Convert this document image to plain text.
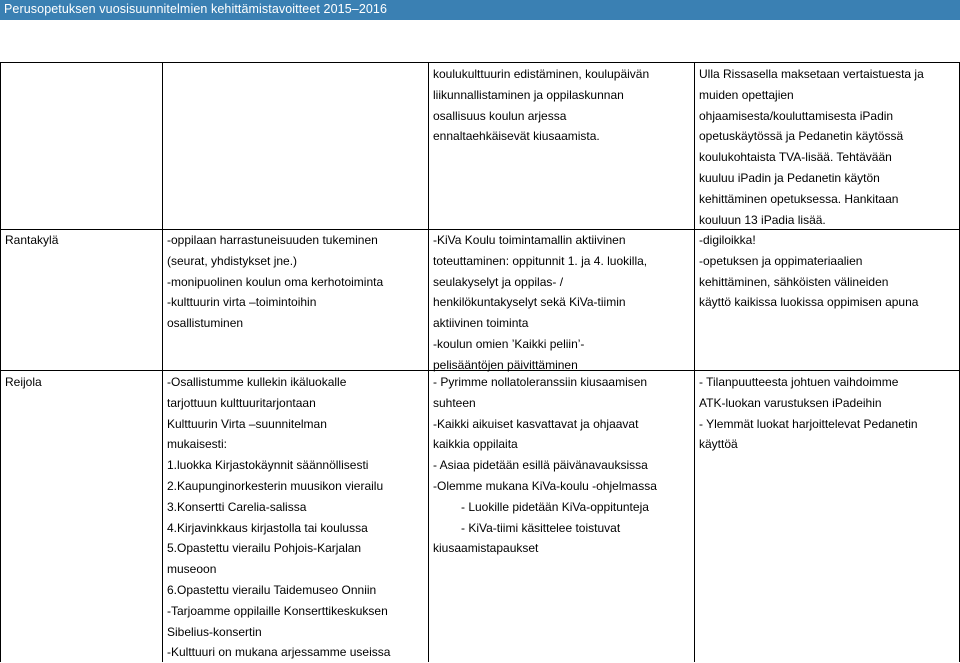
Perusopetuksen vuosisuunnitelmien kehittämistavoitteet 2015–2016
koulukulttuurin edistäminen, koulupäivän
liikunnallistaminen ja oppilaskunnan
osallisuus koulun arjessa
ennaltaehkäisevät kiusaamista.
Ulla Rissasella maksetaan vertaistuesta ja
muiden opettajien
ohjaamisesta/kouluttamisesta iPadin
opetuskäytössä ja Pedanetin käytössä
koulukohtaista TVA-lisää. Tehtävään
kuuluu iPadin ja Pedanetin käytön
kehittäminen opetuksessa. Hankitaan
kouluun 13 iPadia lisää.
Rantakylä	-oppilaan harrastuneisuuden tukeminen
(seurat, yhdistykset jne.)
-monipuolinen koulun oma kerhotoiminta
-kulttuurin virta –toimintoihin
osallistuminen
-KiVa Koulu toimintamallin aktiivinen
toteuttaminen: oppitunnit 1. ja 4. luokilla,
seulakyselyt ja oppilas- /
henkilökuntakyselyt sekä KiVa-tiimin
aktiivinen toiminta
-koulun omien ’Kaikki peliin’-
pelisääntöjen päivittäminen
-digiloikka!
-opetuksen ja oppimateriaalien
kehittäminen, sähköisten välineiden
käyttö kaikissa luokissa oppimisen apuna
Reijola	-Osallistumme kullekin ikäluokalle
tarjottuun kulttuuritarjontaan
Kulttuurin Virta –suunnitelman
mukaisesti:
1.luokka Kirjastokäynnit säännöllisesti
2.Kaupunginorkesterin muusikon vierailu
3.Konsertti Carelia-salissa
4.Kirjavinkkaus kirjastolla tai koulussa
5.Opastettu vierailu Pohjois-Karjalan
museoon
6.Opastettu vierailu Taidemuseo Onniin
-Tarjoamme oppilaille Konserttikeskuksen
Sibelius-konsertin
-Kulttuuri on mukana arjessamme useissa
- Pyrimme nollatoleranssiin kiusaamisen
suhteen
-Kaikki aikuiset kasvattavat ja ohjaavat
kaikkia oppilaita
- Asiaa pidetään esillä päivänavauksissa
-Olemme mukana KiVa-koulu -ohjelmassa
- Luokille pidetään KiVa-oppitunteja
- KiVa-tiimi käsittelee toistuvat
kiusaamistapaukset
- Tilanpuutteesta johtuen vaihdoimme
ATK-luokan varustuksen iPadeihin
- Ylemmät luokat harjoittelevat Pedanetin
käyttöä
